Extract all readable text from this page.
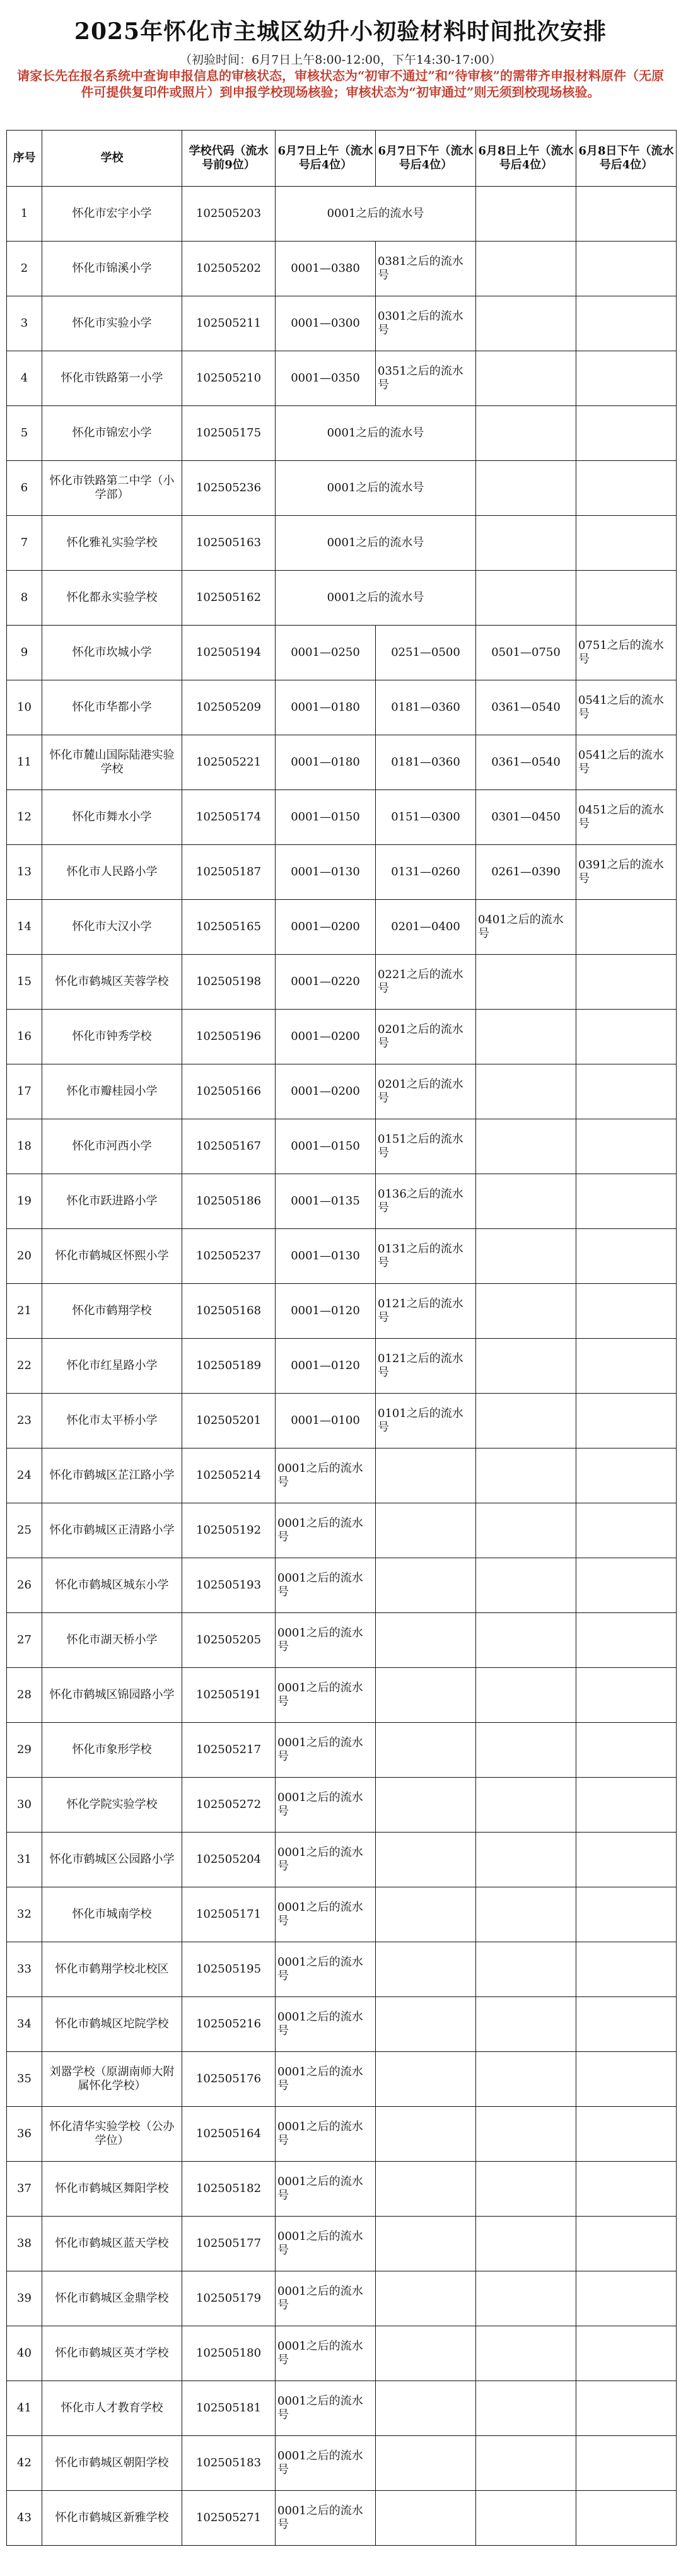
2025年怀化市主城区幼升小初验材料时间批次安排
（初验时间：6月7日上午8:00-12:00，下午14:30-17:00）
请家长先在报名系统中查询申报信息的审核状态，审核状态为“初审不通过”和“待审核”的需带齐申报材料原件（无原件可提供复印件或照片）到申报学校现场核验；审核状态为“初审通过”则无须到校现场核验。
序号	学校	学校代码（流水号前9位）	6月7日上午（流水号后4位）	6月7日下午（流水号后4位）	6月8日上午（流水号后4位）	6月8日下午（流水号后4位）
1	怀化市宏宇小学	102505203	0001之后的流水号			
2	怀化市锦溪小学	102505202	0001—0380	0381之后的流水号		
3	怀化市实验小学	102505211	0001—0300	0301之后的流水号		
4	怀化市铁路第一小学	102505210	0001—0350	0351之后的流水号		
5	怀化市锦宏小学	102505175	0001之后的流水号			
6	怀化市铁路第二中学（小学部）	102505236	0001之后的流水号			
7	怀化雅礼实验学校	102505163	0001之后的流水号			
8	怀化都永实验学校	102505162	0001之后的流水号			
9	怀化市坎城小学	102505194	0001—0250	0251—0500	0501—0750	0751之后的流水号
10	怀化市华都小学	102505209	0001—0180	0181—0360	0361—0540	0541之后的流水号
11	怀化市麓山国际陆港实验学校	102505221	0001—0180	0181—0360	0361—0540	0541之后的流水号
12	怀化市舞水小学	102505174	0001—0150	0151—0300	0301—0450	0451之后的流水号
13	怀化市人民路小学	102505187	0001—0130	0131—0260	0261—0390	0391之后的流水号
14	怀化市大汉小学	102505165	0001—0200	0201—0400	0401之后的流水号	
15	怀化市鹤城区芙蓉学校	102505198	0001—0220	0221之后的流水号		
16	怀化市钟秀学校	102505196	0001—0200	0201之后的流水号		
17	怀化市瓣桂园小学	102505166	0001—0200	0201之后的流水号		
18	怀化市河西小学	102505167	0001—0150	0151之后的流水号		
19	怀化市跃进路小学	102505186	0001—0135	0136之后的流水号		
20	怀化市鹤城区怀熙小学	102505237	0001—0130	0131之后的流水号		
21	怀化市鹤翔学校	102505168	0001—0120	0121之后的流水号		
22	怀化市红星路小学	102505189	0001—0120	0121之后的流水号		
23	怀化市太平桥小学	102505201	0001—0100	0101之后的流水号		
24	怀化市鹤城区芷江路小学	102505214	0001之后的流水号			
25	怀化市鹤城区正清路小学	102505192	0001之后的流水号			
26	怀化市鹤城区城东小学	102505193	0001之后的流水号			
27	怀化市湖天桥小学	102505205	0001之后的流水号			
28	怀化市鹤城区锦园路小学	102505191	0001之后的流水号			
29	怀化市象形学校	102505217	0001之后的流水号			
30	怀化学院实验学校	102505272	0001之后的流水号			
31	怀化市鹤城区公园路小学	102505204	0001之后的流水号			
32	怀化市城南学校	102505171	0001之后的流水号			
33	怀化市鹤翔学校北校区	102505195	0001之后的流水号			
34	怀化市鹤城区坨院学校	102505216	0001之后的流水号			
35	刘嚣学校（原湖南师大附属怀化学校）	102505176	0001之后的流水号			
36	怀化清华实验学校（公办学位）	102505164	0001之后的流水号			
37	怀化市鹤城区舞阳学校	102505182	0001之后的流水号			
38	怀化市鹤城区蓝天学校	102505177	0001之后的流水号			
39	怀化市鹤城区金鼎学校	102505179	0001之后的流水号			
40	怀化市鹤城区英才学校	102505180	0001之后的流水号			
41	怀化市人才教育学校	102505181	0001之后的流水号			
42	怀化市鹤城区朝阳学校	102505183	0001之后的流水号			
43	怀化市鹤城区新雅学校	102505271	0001之后的流水号			
